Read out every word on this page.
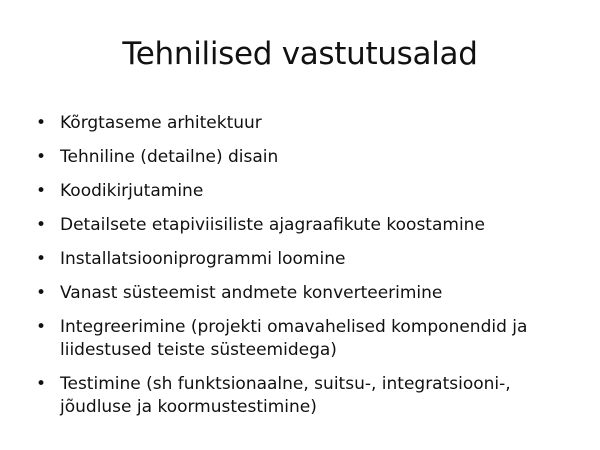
Tehnilised vastutusalad
• Kõrgtaseme arhitektuur
• Tehniline (detailne) disain
• Koodikirjutamine
• Detailsete etapiviisiliste ajagraafikute koostamine
• Installatsiooniprogrammi loomine
• Vanast süsteemist andmete konverteerimine
• Integreerimine (projekti omavahelised komponendid ja liidestused teiste süsteemidega)
• Testimine (sh funktsionaalne, suitsu-, integratsiooni-, jõudluse ja koormustestimine)
